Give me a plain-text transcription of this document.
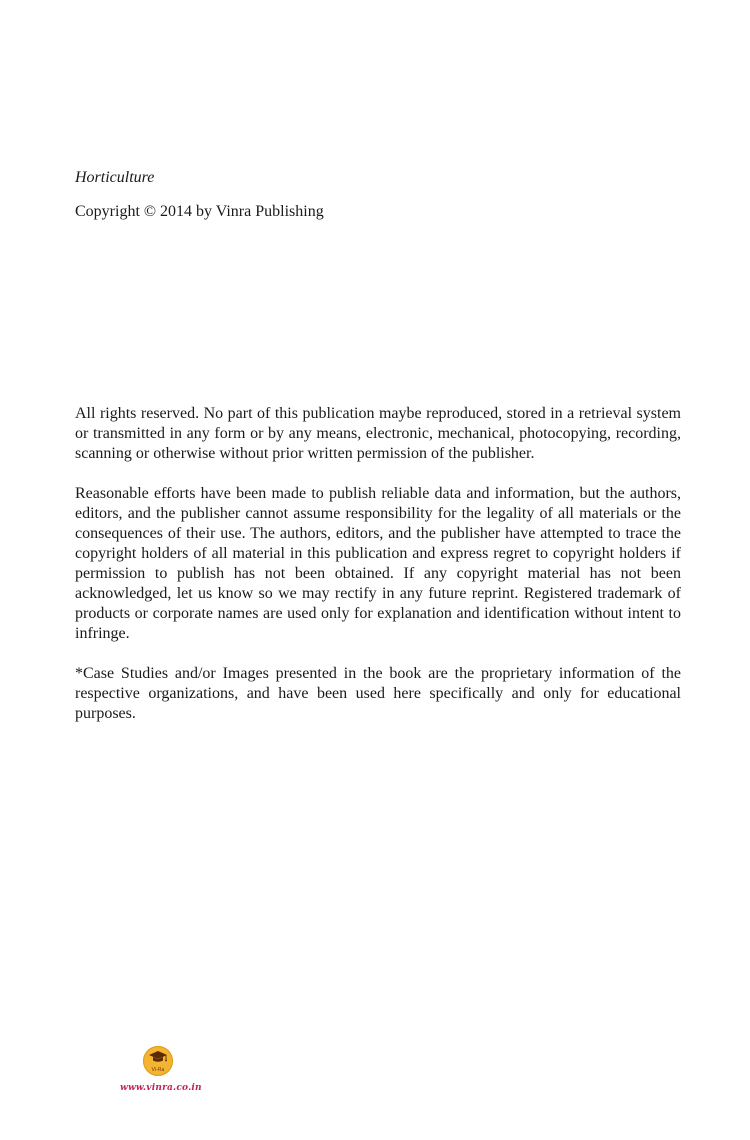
Horticulture

Copyright © 2014 by Vinra Publishing

All rights reserved. No part of this publication maybe reproduced, stored in a retrieval system or transmitted in any form or by any means, electronic, mechanical, photocopying, recording, scanning or otherwise without prior written permission of the publisher.

Reasonable efforts have been made to publish reliable data and information, but the authors, editors, and the publisher cannot assume responsibility for the legality of all materials or the consequences of their use. The authors, editors, and the publisher have attempted to trace the copyright holders of all material in this publication and express regret to copyright holders if permission to publish has not been obtained. If any copyright material has not been acknowledged, let us know so we may rectify in any future reprint. Registered trademark of products or corporate names are used only for explanation and identification without intent to infringe.

*Case Studies and/or Images presented in the book are the proprietary information of the respective organizations, and have been used here specifically and only for educational purposes.

Vi-Ra
www.vinra.co.in
